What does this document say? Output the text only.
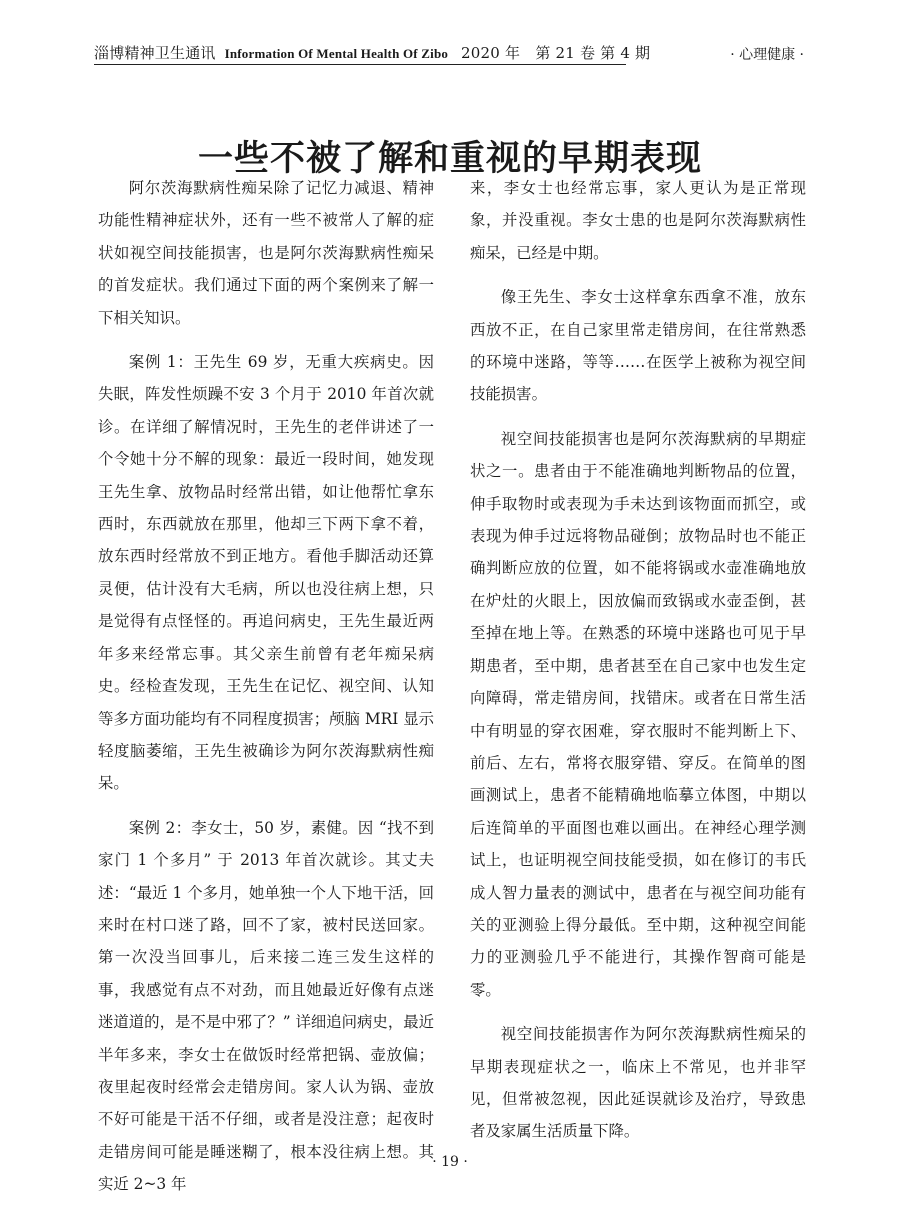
淄博精神卫生通讯 Information Of Mental Health Of Zibo 2020 年　第 21 卷 第 4 期	· 心理健康 ·
一些不被了解和重视的早期表现

阿尔茨海默病性痴呆除了记忆力减退、精神功能性精神症状外，还有一些不被常人了解的症状如视空间技能损害，也是阿尔茨海默病性痴呆的首发症状。我们通过下面的两个案例来了解一下相关知识。

案例 1：王先生 69 岁，无重大疾病史。因失眠，阵发性烦躁不安 3 个月于 2010 年首次就诊。在详细了解情况时，王先生的老伴讲述了一个令她十分不解的现象：最近一段时间，她发现王先生拿、放物品时经常出错，如让他帮忙拿东西时，东西就放在那里，他却三下两下拿不着，放东西时经常放不到正地方。看他手脚活动还算灵便，估计没有大毛病，所以也没往病上想，只是觉得有点怪怪的。再追问病史，王先生最近两年多来经常忘事。其父亲生前曾有老年痴呆病史。经检查发现，王先生在记忆、视空间、认知等多方面功能均有不同程度损害；颅脑 MRI 显示轻度脑萎缩，王先生被确诊为阿尔茨海默病性痴呆。

案例 2：李女士，50 岁，素健。因 “找不到家门 1 个多月” 于 2013 年首次就诊。其丈夫述：“最近 1 个多月，她单独一个人下地干活，回来时在村口迷了路，回不了家，被村民送回家。第一次没当回事儿，后来接二连三发生这样的事，我感觉有点不对劲，而且她最近好像有点迷迷道道的，是不是中邪了？” 详细追问病史，最近半年多来，李女士在做饭时经常把锅、壶放偏；夜里起夜时经常会走错房间。家人认为锅、壶放不好可能是干活不仔细，或者是没注意；起夜时走错房间可能是睡迷糊了，根本没往病上想。其实近 2~3 年

来，李女士也经常忘事，家人更认为是正常现象，并没重视。李女士患的也是阿尔茨海默病性痴呆，已经是中期。

像王先生、李女士这样拿东西拿不准，放东西放不正，在自己家里常走错房间，在往常熟悉的环境中迷路，等等……在医学上被称为视空间技能损害。

视空间技能损害也是阿尔茨海默病的早期症状之一。患者由于不能准确地判断物品的位置，伸手取物时或表现为手未达到该物面而抓空，或表现为伸手过远将物品碰倒；放物品时也不能正确判断应放的位置，如不能将锅或水壶准确地放在炉灶的火眼上，因放偏而致锅或水壶歪倒，甚至掉在地上等。在熟悉的环境中迷路也可见于早期患者，至中期，患者甚至在自己家中也发生定向障碍，常走错房间，找错床。或者在日常生活中有明显的穿衣困难，穿衣服时不能判断上下、前后、左右，常将衣服穿错、穿反。在简单的图画测试上，患者不能精确地临摹立体图，中期以后连简单的平面图也难以画出。在神经心理学测试上，也证明视空间技能受损，如在修订的韦氏成人智力量表的测试中，患者在与视空间功能有关的亚测验上得分最低。至中期，这种视空间能力的亚测验几乎不能进行，其操作智商可能是零。

视空间技能损害作为阿尔茨海默病性痴呆的早期表现症状之一，临床上不常见，也并非罕见，但常被忽视，因此延误就诊及治疗，导致患者及家属生活质量下降。

· 19 ·
